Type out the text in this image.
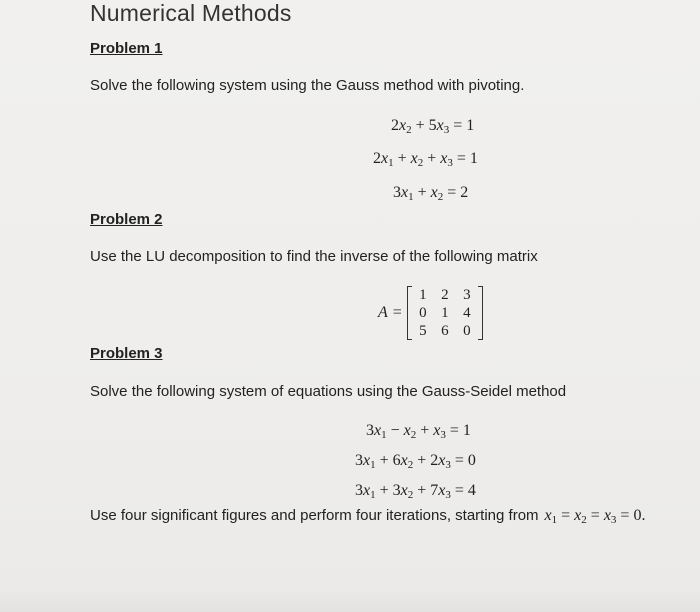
Numerical Methods
Problem 1
Solve the following system using the Gauss method with pivoting.
$2x_2 + 5x_3 = 1$
$2x_1 + x_2 + x_3 = 1$
$3x_1 + x_2 = 2$
Problem 2
Use the LU decomposition to find the inverse of the following matrix
A =
1 2 3
0 1 4
5 6 0
Problem 3
Solve the following system of equations using the Gauss-Seidel method
$3x_1 - x_2 + x_3 = 1$
$3x_1 + 6x_2 + 2x_3 = 0$
$3x_1 + 3x_2 + 7x_3 = 4$
Use four significant figures and perform four iterations, starting from $x_1 = x_2 = x_3 = 0$.
